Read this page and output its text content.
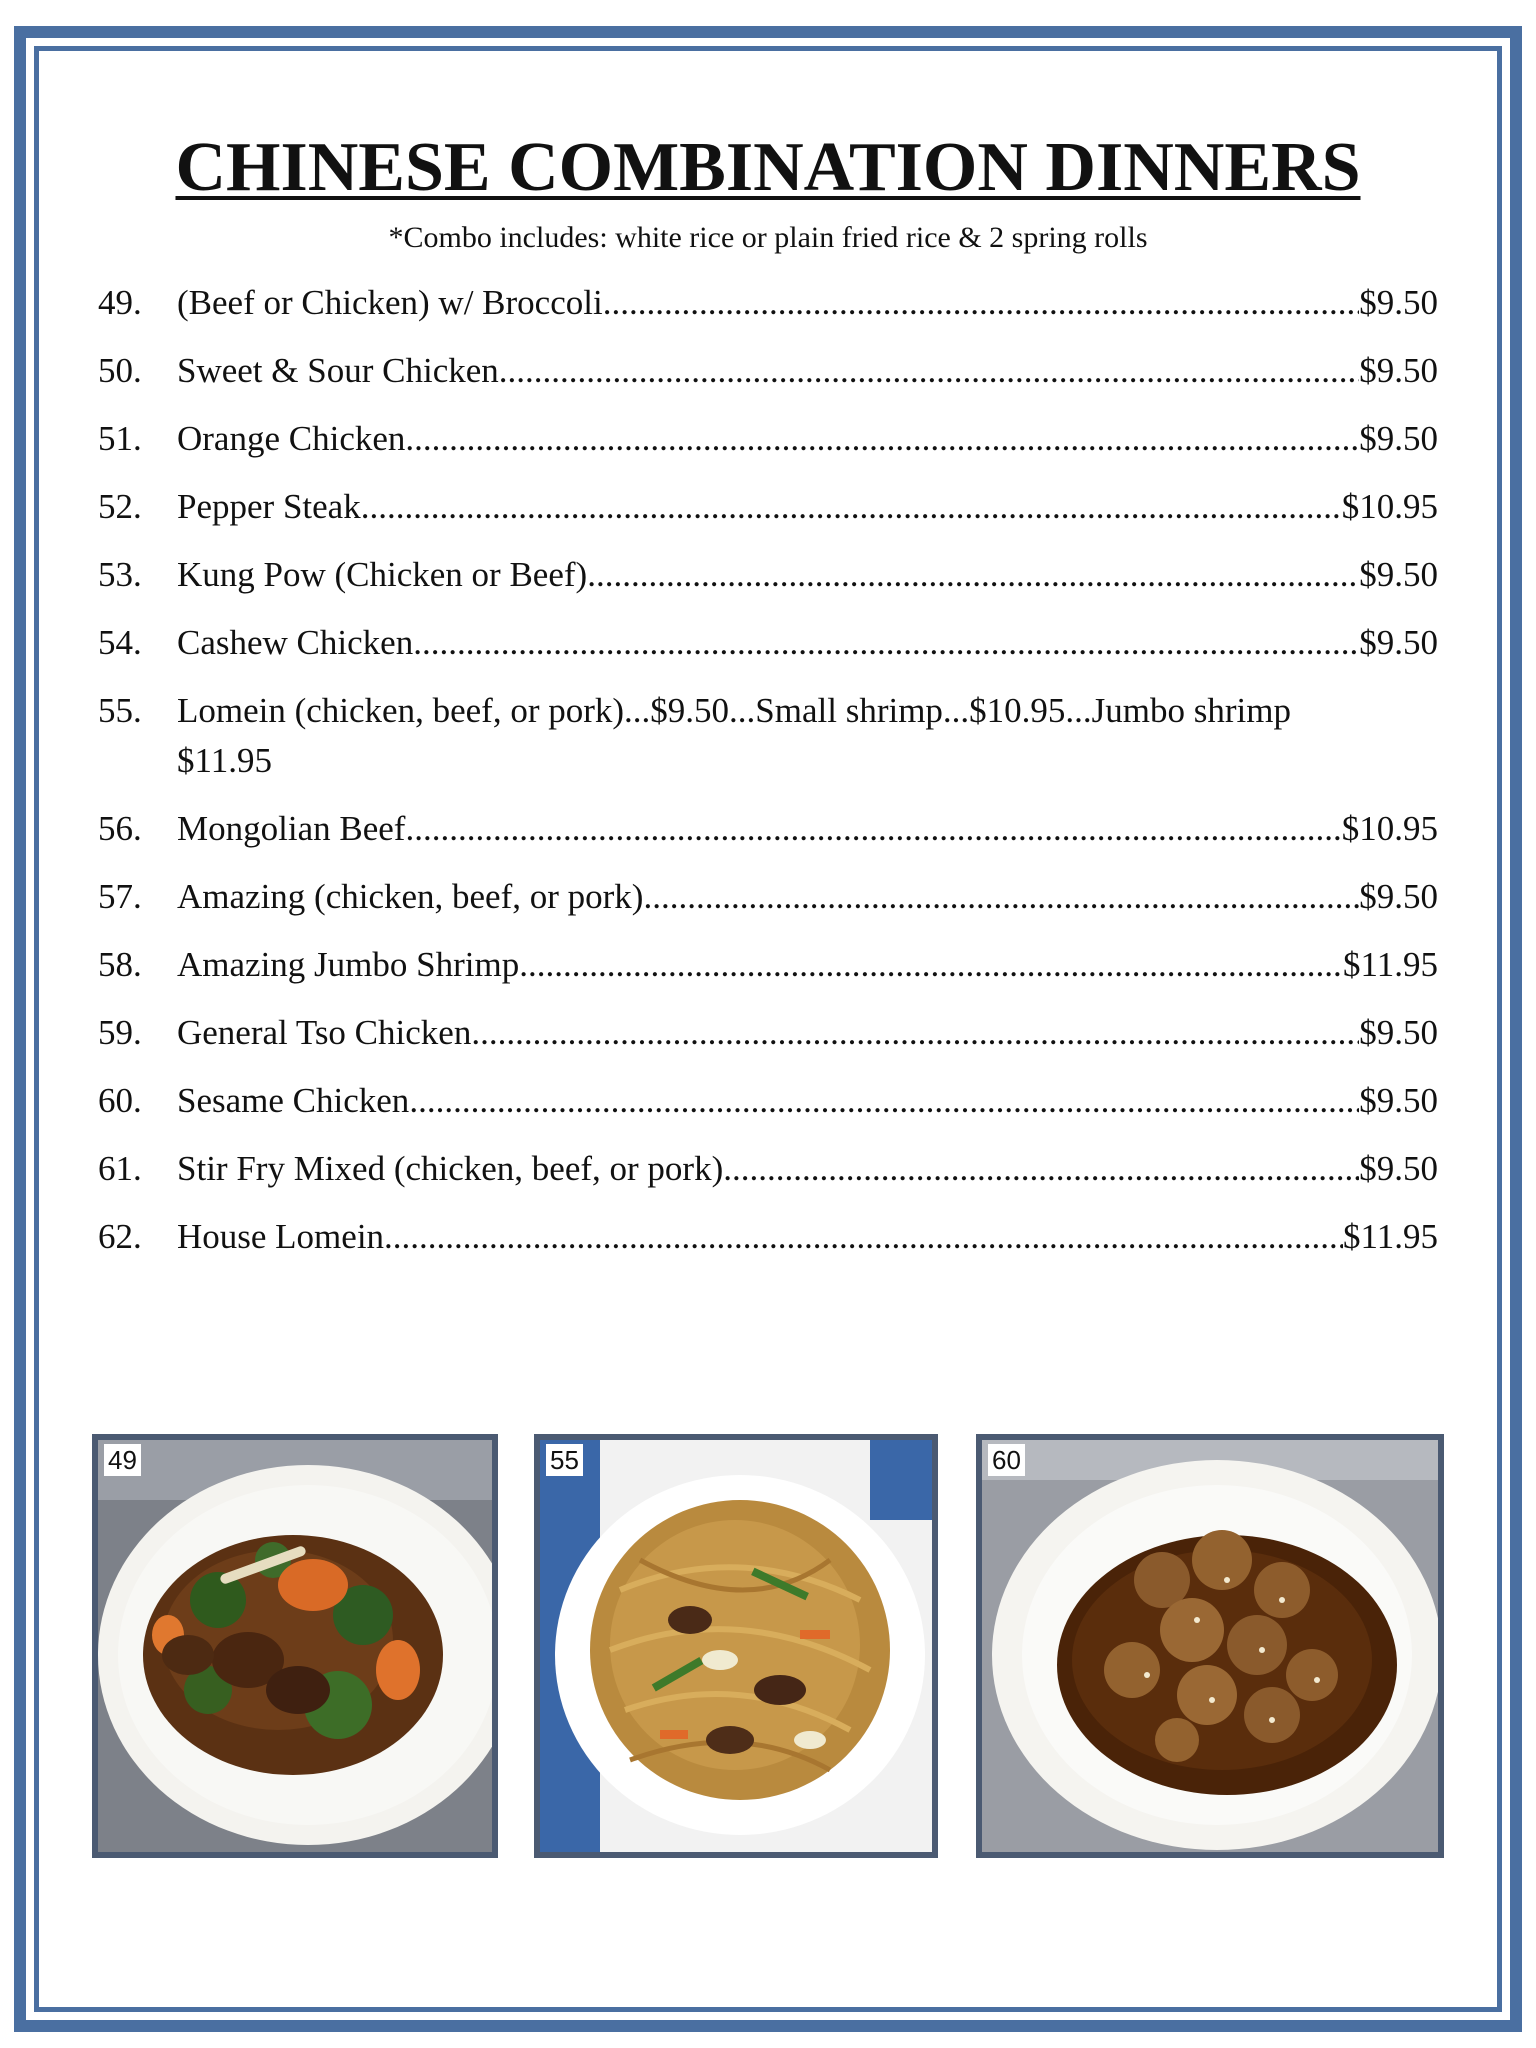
CHINESE COMBINATION DINNERS
*Combo includes: white rice or plain fried rice & 2 spring rolls
49.	(Beef or Chicken) w/ Broccoli .....	$9.50
50.	Sweet & Sour Chicken .....	$9.50
51.	Orange Chicken .....	$9.50
52.	Pepper Steak .....	$10.95
53.	Kung Pow (Chicken or Beef) .....	$9.50
54.	Cashew Chicken .....	$9.50
55.	Lomein (chicken, beef, or pork)...$9.50...Small shrimp...$10.95...Jumbo shrimp $11.95
56.	Mongolian Beef .....	$10.95
57.	Amazing (chicken, beef, or pork) .....	$9.50
58.	Amazing Jumbo Shrimp .....	$11.95
59.	General Tso Chicken .....	$9.50
60.	Sesame Chicken .....	$9.50
61.	Stir Fry Mixed (chicken, beef, or pork) .....	$9.50
62.	House Lomein .....	$11.95
49	55	60
